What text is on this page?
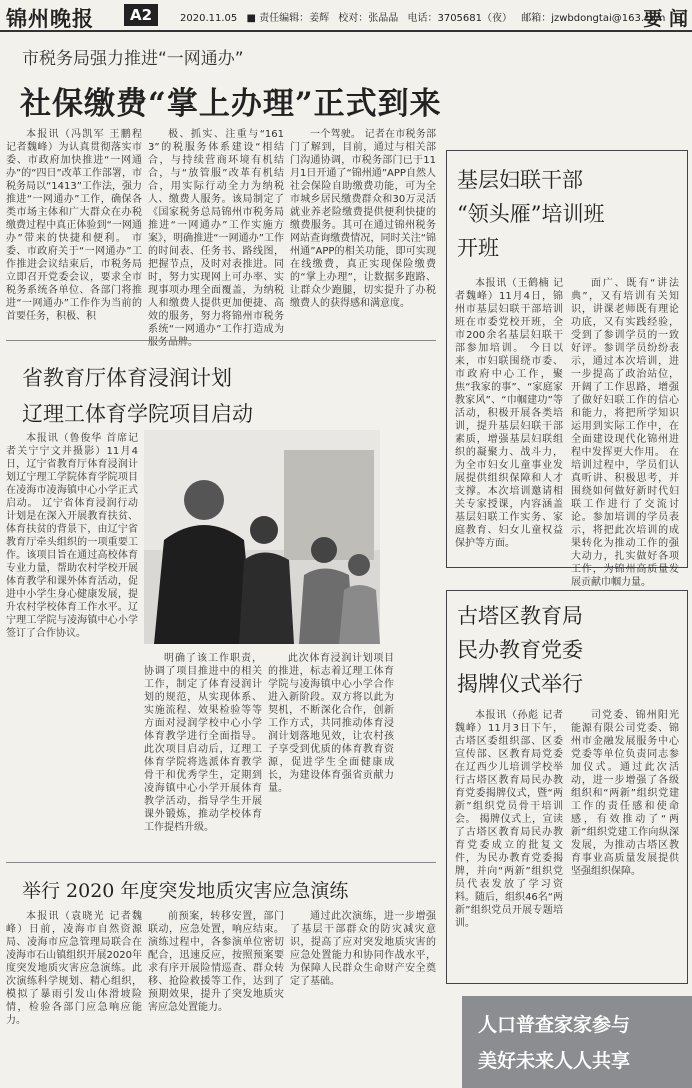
锦州晚报	A2	2020.11.05 ■ 责任编辑：姜辉 校对：张晶晶 电话：3705681（夜） 邮箱：jzwbdongtai@163.com
要 闻
市税务局强力推进“一网通办”
社保缴费“掌上办理”正式到来

本报讯（冯凯军 王鹏程 记者魏峰）为认真贯彻落实市委、市政府加快推进“一网通办”的“四日”改革工作部署，市税务局以“1413”工作法，强力推进“一网通办”工作，确保各类市场主体和广大群众在办税缴费过程中真正体验到“一网通办”带来的快捷和便利。 市委、市政府关于“一网通办”工作推进会议结束后，市税务局立即召开党委会议，要求全市税务系统各单位、各部门将推进“一网通办”工作作为当前的首要任务，积极、积

极、抓实、注重与“1613”的税服务体系建设“相结合，与持续营商环境有机结合，与“放管服”改革有机结合，用实际行动全力为纳税人、缴费人服务。该局制定了《国家税务总局锦州市税务局推进“一网通办”工作实施方案》，明确推进“一网通办”工作的时间表、任务书、路线图，把握节点，及时对表推进。同时，努力实现网上可办率、实现事项办理全面覆盖，为纳税人和缴费人提供更加便捷、高效的服务，努力将锦州市税务系统“一网通办”工作打造成为服务品牌。

一个驾驶。 记者在市税务部门了解到，目前，通过与相关部门沟通协调，市税务部门已于11月1日开通了“锦州通”APP自然人社会保险自助缴费功能，可为全市城乡居民缴费群众和30万灵活就业养老险缴费提供便利快捷的缴费服务。其可在通过锦州税务网站查询缴费情况，同时关注“锦州通”APP的相关功能，即可实现在线缴费，真正实现保险缴费的“掌上办理”，让数据多跑路、让群众少跑腿，切实提升了办税缴费人的获得感和满意度。

基层妇联干部
“领头雁”培训班
开班

本报讯（王鹤楠 记者魏峰）11月4日，锦州市基层妇联干部培训班在市委党校开班，全市200余名基层妇联干部参加培训。 今日以来，市妇联围绕市委、市政府中心工作，聚焦“我家的事”、“家庭家教家风”、“巾帼建功”等活动，积极开展各类培训，提升基层妇联干部素质，增强基层妇联组织的凝聚力、战斗力，为全市妇女儿童事业发展提供组织保障和人才支撑。本次培训邀请相关专家授课，内容涵盖基层妇联工作实务、家庭教育、妇女儿童权益保护等方面。

面广、既有“讲法典”，又有培训有关知识，讲课老师既有理论功底，又有实践经验，受到了参训学员的一致好评。参训学员纷纷表示，通过本次培训，进一步提高了政治站位，开阔了工作思路，增强了做好妇联工作的信心和能力，将把所学知识运用到实际工作中，在全面建设现代化锦州进程中发挥更大作用。 在培训过程中，学员们认真听讲、积极思考，并围绕如何做好新时代妇联工作进行了交流讨论。参加培训的学员表示，将把此次培训的成果转化为推动工作的强大动力，扎实做好各项工作，为锦州高质量发展贡献巾帼力量。

省教育厅体育浸润计划
辽理工体育学院项目启动

本报讯（鲁俊华 首席记者关宁宁文并摄影）11月4日，辽宁省教育厅体育浸润计划辽宁理工学院体育学院项目在凌海市凌海镇中心小学正式启动。 辽宁省体育浸润行动计划是在深入开展教育扶贫、体育扶贫的背景下，由辽宁省教育厅牵头组织的一项重要工作。该项目旨在通过高校体育专业力量，帮助农村学校开展体育教学和课外体育活动，促进中小学生身心健康发展，提升农村学校体育工作水平。辽宁理工学院与凌海镇中心小学签订了合作协议。

明确了该工作职责，协调了项目推进中的相关工作，制定了体育浸润计划的规范，从实现体系、实施流程、效果检验等等方面对浸润学校中心小学体育教学进行全面指导。此次项目启动后，辽理工体育学院将选派体育教学骨干和优秀学生，定期到凌海镇中心小学开展体育教学活动，指导学生开展课外锻炼，推动学校体育工作提档升级。

此次体育浸润计划项目的推进，标志着辽理工体育学院与凌海镇中心小学合作进入新阶段。双方将以此为契机，不断深化合作，创新工作方式，共同推动体育浸润计划落地见效，让农村孩子享受到优质的体育教育资源，促进学生全面健康成长，为建设体育强省贡献力量。

古塔区教育局
民办教育党委
揭牌仪式举行

本报讯（孙彪 记者魏峰）11月3日下午，古塔区委组织部、区委宣传部、区教育局党委在辽西少儿培训学校举行古塔区教育局民办教育党委揭牌仪式，暨“两新”组织党员骨干培训会。 揭牌仪式上，宣读了古塔区教育局民办教育党委成立的批复文件，为民办教育党委揭牌，并向“两新”组织党员代表发放了学习资料。随后，组织46名“两新”组织党员开展专题培训。

司党委、锦州阳光能源有限公司党委、锦州市金融发展服务中心党委等单位负责同志参加仪式。通过此次活动，进一步增强了各级组织和“两新”组织党建工作的责任感和使命感，有效推动了“两新”组织党建工作向纵深发展，为推动古塔区教育事业高质量发展提供坚强组织保障。

举行 2020 年度突发地质灾害应急演练

本报讯（袁晓光 记者魏峰）日前，凌海市自然资源局、凌海市应急管理局联合在凌海市石山镇组织开展2020年度突发地质灾害应急演练。此次演练科学规划、精心组织，模拟了暴雨引发山体滑坡险情，检验各部门应急响应能力。

前预案，转移安置，部门联动，应急处置，响应结束。演练过程中，各参演单位密切配合，迅速反应，按照预案要求有序开展险情巡查、群众转移、抢险救援等工作，达到了预期效果，提升了突发地质灾害应急处置能力。

通过此次演练，进一步增强了基层干部群众的防灾减灾意识，提高了应对突发地质灾害的应急处置能力和协同作战水平，为保障人民群众生命财产安全奠定了基础。

人口普查家家参与
美好未来人人共享
